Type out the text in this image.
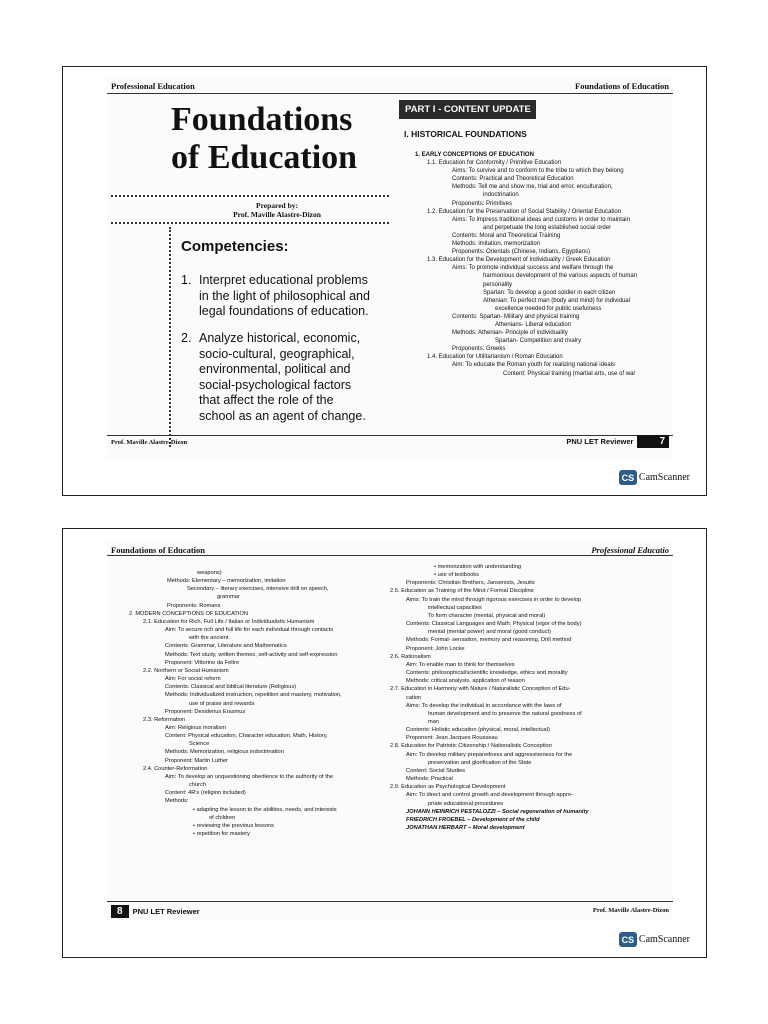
Professional Education	Foundations of Education
Foundations
of Education
Prepared by:
Prof. Maville Alastre-Dizon
Competencies:
1. Interpret educational problems
in the light of philosophical and
legal foundations of education.
2. Analyze historical, economic,
socio-cultural, geographical,
environmental, political and
social-psychological factors
that affect the role of the
school as an agent of change.
PART I - CONTENT UPDATE
I. HISTORICAL FOUNDATIONS
1. EARLY CONCEPTIONS OF EDUCATION
1.1. Education for Conformity / Primitive Education
Aims: To survive and to conform to the tribe to which they belong
Contents: Practical and Theoretical Education
Methods: Tell me and show me, trial and error, enculturation,
indoctrination
Proponents: Primitives
1.2. Education for the Preservation of Social Stability / Oriental Education
Aims: To impress traditional ideas and customs in order to maintain
and perpetuate the long established social order
Contents: Moral and Theoretical Training
Methods: imitation, memorization
Proponents: Orientals (Chinese, Indians, Egyptians)
1.3. Education for the Development of Individuality / Greek Education
Aims: To promote individual success and welfare through the
harmonious development of the various aspects of human
personality
Spartan: To develop a good soldier in each citizen
Athenian: To perfect man (body and mind) for individual
excellence needed for public usefulness
Contents: Spartan- Military and physical training
Athenians- Liberal education
Methods: Athenian- Principle of individuality
Spartan- Competition and rivalry
Proponents: Greeks
1.4. Education for Utilitarianism / Roman Education
Aim: To educate the Roman youth for realizing national ideals
Content: Physical training (martial arts, use of war
Prof. Maville Alastre-Dizon	PNU LET Reviewer	7
CS CamScanner
Foundations of Education	Professional Educatio
weapons)
Methods: Elementary – memorization, imitation
Secondary – literary exercises, intensive drill on speech,
grammar
Proponents: Romans
2. MODERN CONCEPTIONS OF EDUCATION
2.1. Education for Rich, Full Life / Italian or Individualistic Humanism
Aim: To secure rich and full life for each individual through contacts
with the ancient
Contents: Grammar, Literature and Mathematics
Methods: Text study, written themes, self-activity and self-expression
Proponent: Vittorino da Feltre
2.2. Northern or Social Humanism
Aim: For social reform
Contents: Classical and biblical literature (Religious)
Methods: Individualized instruction, repetition and mastery, motivation,
use of praise and rewards
Proponent: Desiderius Erasmus
2.3. Reformation
Aim: Religious moralism
Content: Physical education, Character education. Math, History,
Science
Methods: Memorization, religious indoctrination
Proponent: Martin Luther
2.4. Counter-Reformation
Aim: To develop an unquestioning obedience to the authority of the
church
Content: 4R's (religion included)
Methods:
• adapting the lesson to the abilities, needs, and interests
of children
• reviewing the previous lessons
• repetition for mastery
• memorization with understanding
• use of textbooks
Proponents: Christian Brothers, Jansenists, Jesuits
2.5. Education as Training of the Mind / Formal Discipline
Aims: To train the mind through rigorous exercises in order to develop
intellectual capacities
To form character (mental, physical and moral)
Contents: Classical Languages and Math; Physical (vigor of the body)
mental (mental power) and moral (good conduct)
Methods: Formal- sensation, memory and reasoning, Drill method
Proponent: John Locke
2.6. Rationalism
Aim: To enable man to think for themselves
Contents: philosophical/scientific knowledge, ethics and morality
Methods: critical analysis, application of reason
2.7. Education in Harmony with Nature / Naturalistic Conception of Edu-
cation
Aims: To develop the individual in accordance with the laws of
human development and to preserve the natural goodness of
man
Contents: Holistic education (physical, moral, intellectual)
Proponent: Jean Jacques Rousseau
2.8. Education for Patriotic Citizenship / Nationalistic Conception
Aim: To develop military preparedness and aggressiveness for the
preservation and glorification of the State
Content: Social Studies
Methods: Practical
2.9. Education as Psychological Development
Aim: To direct and control growth and development through appro-
priate educational procedures
JOHANN HEINRICH PESTALOZZI – Social regeneration of humanity
FRIEDRICH FROEBEL – Development of the child
JONATHAN HERBART – Moral development
8	PNU LET Reviewer	Prof. Maville Alastre-Dizon
CS CamScanner
